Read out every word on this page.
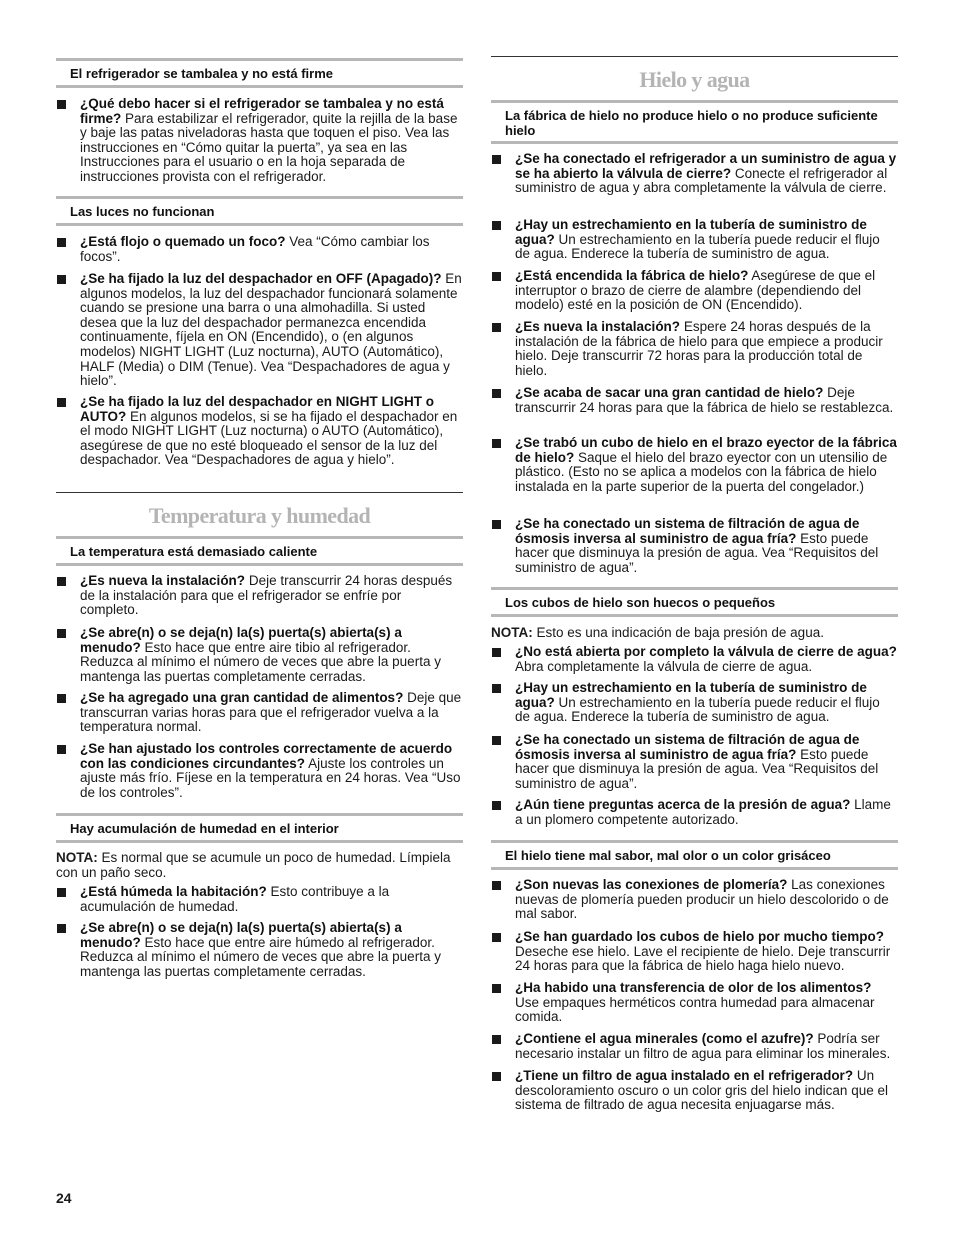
El refrigerador se tambalea y no está firme
¿Qué debo hacer si el refrigerador se tambalea y no está firme? Para estabilizar el refrigerador, quite la rejilla de la base y baje las patas niveladoras hasta que toquen el piso. Vea las instrucciones en “Cómo quitar la puerta”, ya sea en las Instrucciones para el usuario o en la hoja separada de instrucciones provista con el refrigerador.
Las luces no funcionan
¿Está flojo o quemado un foco? Vea “Cómo cambiar los focos”.
¿Se ha fijado la luz del despachador en OFF (Apagado)? En algunos modelos, la luz del despachador funcionará solamente cuando se presione una barra o una almohadilla. Si usted desea que la luz del despachador permanezca encendida continuamente, fíjela en ON (Encendido), o (en algunos modelos) NIGHT LIGHT (Luz nocturna), AUTO (Automático), HALF (Media) o DIM (Tenue). Vea “Despachadores de agua y hielo”.
¿Se ha fijado la luz del despachador en NIGHT LIGHT o AUTO? En algunos modelos, si se ha fijado el despachador en el modo NIGHT LIGHT (Luz nocturna) o AUTO (Automático), asegúrese de que no esté bloqueado el sensor de la luz del despachador. Vea “Despachadores de agua y hielo”.
Temperatura y humedad
La temperatura está demasiado caliente
¿Es nueva la instalación? Deje transcurrir 24 horas después de la instalación para que el refrigerador se enfríe por completo.
¿Se abre(n) o se deja(n) la(s) puerta(s) abierta(s) a menudo? Esto hace que entre aire tibio al refrigerador. Reduzca al mínimo el número de veces que abre la puerta y mantenga las puertas completamente cerradas.
¿Se ha agregado una gran cantidad de alimentos? Deje que transcurran varias horas para que el refrigerador vuelva a la temperatura normal.
¿Se han ajustado los controles correctamente de acuerdo con las condiciones circundantes? Ajuste los controles un ajuste más frío. Fíjese en la temperatura en 24 horas. Vea “Uso de los controles”.
Hay acumulación de humedad en el interior
NOTA: Es normal que se acumule un poco de humedad. Límpiela con un paño seco.
¿Está húmeda la habitación? Esto contribuye a la acumulación de humedad.
¿Se abre(n) o se deja(n) la(s) puerta(s) abierta(s) a menudo? Esto hace que entre aire húmedo al refrigerador. Reduzca al mínimo el número de veces que abre la puerta y mantenga las puertas completamente cerradas.
Hielo y agua
La fábrica de hielo no produce hielo o no produce suficiente hielo
¿Se ha conectado el refrigerador a un suministro de agua y se ha abierto la válvula de cierre? Conecte el refrigerador al suministro de agua y abra completamente la válvula de cierre.
¿Hay un estrechamiento en la tubería de suministro de agua? Un estrechamiento en la tubería puede reducir el flujo de agua. Enderece la tubería de suministro de agua.
¿Está encendida la fábrica de hielo? Asegúrese de que el interruptor o brazo de cierre de alambre (dependiendo del modelo) esté en la posición de ON (Encendido).
¿Es nueva la instalación? Espere 24 horas después de la instalación de la fábrica de hielo para que empiece a producir hielo. Deje transcurrir 72 horas para la producción total de hielo.
¿Se acaba de sacar una gran cantidad de hielo? Deje transcurrir 24 horas para que la fábrica de hielo se restablezca.
¿Se trabó un cubo de hielo en el brazo eyector de la fábrica de hielo? Saque el hielo del brazo eyector con un utensilio de plástico. (Esto no se aplica a modelos con la fábrica de hielo instalada en la parte superior de la puerta del congelador.)
¿Se ha conectado un sistema de filtración de agua de ósmosis inversa al suministro de agua fría? Esto puede hacer que disminuya la presión de agua. Vea “Requisitos del suministro de agua”.
Los cubos de hielo son huecos o pequeños
NOTA: Esto es una indicación de baja presión de agua.
¿No está abierta por completo la válvula de cierre de agua? Abra completamente la válvula de cierre de agua.
¿Hay un estrechamiento en la tubería de suministro de agua? Un estrechamiento en la tubería puede reducir el flujo de agua. Enderece la tubería de suministro de agua.
¿Se ha conectado un sistema de filtración de agua de ósmosis inversa al suministro de agua fría? Esto puede hacer que disminuya la presión de agua. Vea “Requisitos del suministro de agua”.
¿Aún tiene preguntas acerca de la presión de agua? Llame a un plomero competente autorizado.
El hielo tiene mal sabor, mal olor o un color grisáceo
¿Son nuevas las conexiones de plomería? Las conexiones nuevas de plomería pueden producir un hielo descolorido o de mal sabor.
¿Se han guardado los cubos de hielo por mucho tiempo? Deseche ese hielo. Lave el recipiente de hielo. Deje transcurrir 24 horas para que la fábrica de hielo haga hielo nuevo.
¿Ha habido una transferencia de olor de los alimentos? Use empaques herméticos contra humedad para almacenar comida.
¿Contiene el agua minerales (como el azufre)? Podría ser necesario instalar un filtro de agua para eliminar los minerales.
¿Tiene un filtro de agua instalado en el refrigerador? Un descoloramiento oscuro o un color gris del hielo indican que el sistema de filtrado de agua necesita enjuagarse más.
24
